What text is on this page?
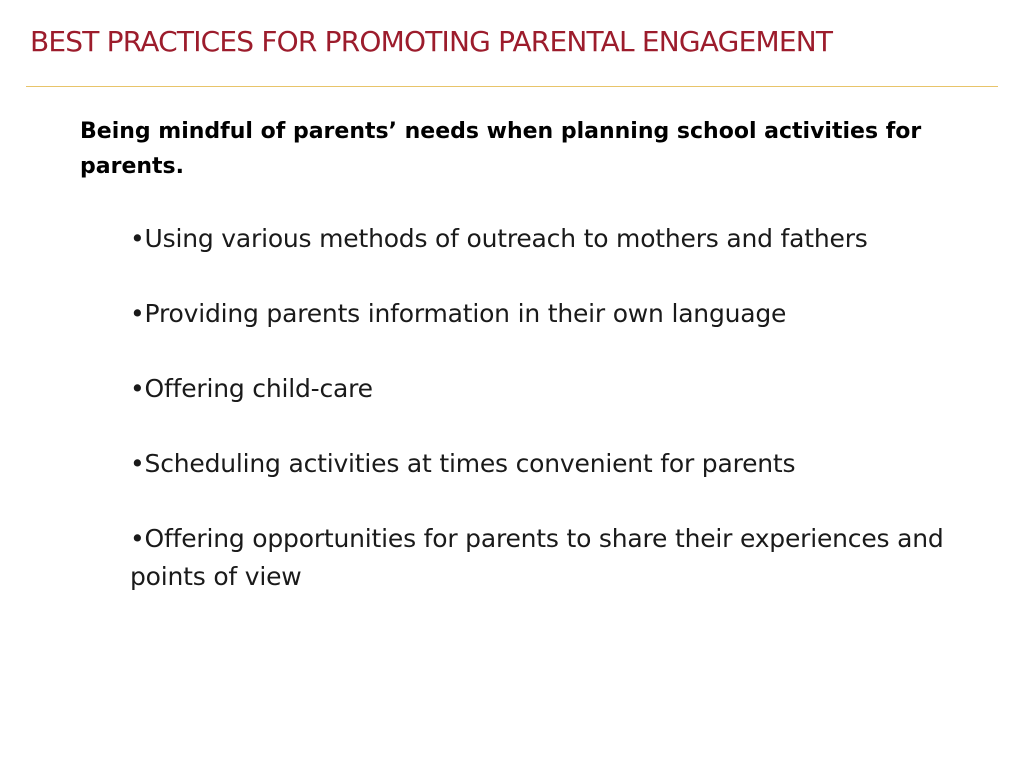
BEST PRACTICES FOR PROMOTING PARENTAL ENGAGEMENT

Being mindful of parents’ needs when planning school activities for parents.

•Using various methods of outreach to mothers and fathers
•Providing parents information in their own language
•Offering child-care
•Scheduling activities at times convenient for parents
•Offering opportunities for parents to share their experiences and points of view
